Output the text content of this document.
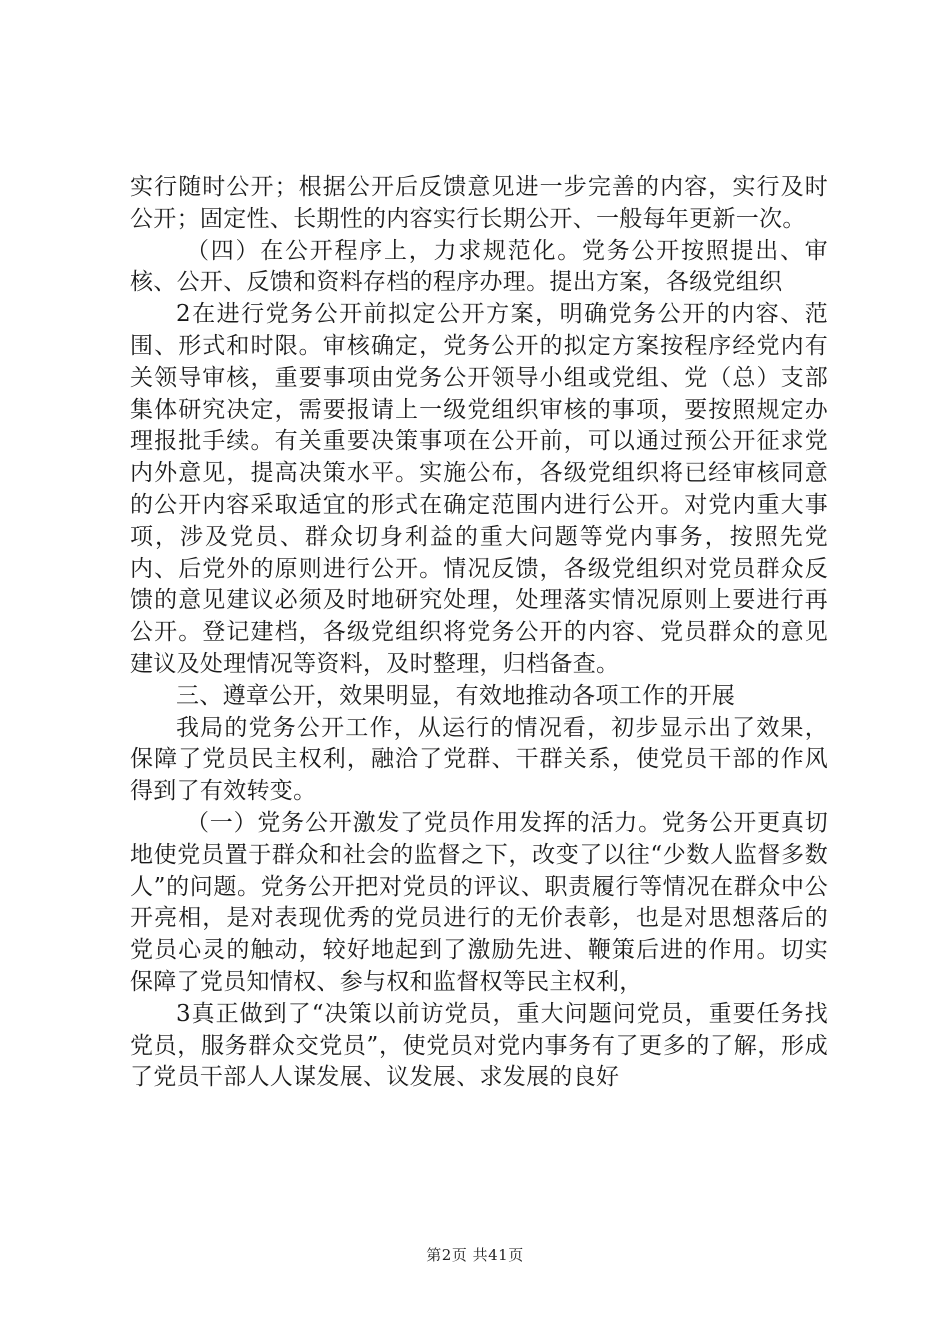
实行随时公开；根据公开后反馈意见进一步完善的内容，实行及时公开；固定性、长期性的内容实行长期公开、一般每年更新一次。

（四）在公开程序上，力求规范化。党务公开按照提出、审核、公开、反馈和资料存档的程序办理。提出方案，各级党组织

2在进行党务公开前拟定公开方案，明确党务公开的内容、范围、形式和时限。审核确定，党务公开的拟定方案按程序经党内有关领导审核，重要事项由党务公开领导小组或党组、党（总）支部集体研究决定，需要报请上一级党组织审核的事项，要按照规定办理报批手续。有关重要决策事项在公开前，可以通过预公开征求党内外意见，提高决策水平。实施公布，各级党组织将已经审核同意的公开内容采取适宜的形式在确定范围内进行公开。对党内重大事项，涉及党员、群众切身利益的重大问题等党内事务，按照先党内、后党外的原则进行公开。情况反馈，各级党组织对党员群众反馈的意见建议必须及时地研究处理，处理落实情况原则上要进行再公开。登记建档，各级党组织将党务公开的内容、党员群众的意见建议及处理情况等资料，及时整理，归档备查。

三、遵章公开，效果明显，有效地推动各项工作的开展

我局的党务公开工作，从运行的情况看，初步显示出了效果，保障了党员民主权利，融洽了党群、干群关系，使党员干部的作风得到了有效转变。

（一）党务公开激发了党员作用发挥的活力。党务公开更真切地使党员置于群众和社会的监督之下，改变了以往“少数人监督多数人”的问题。党务公开把对党员的评议、职责履行等情况在群众中公开亮相，是对表现优秀的党员进行的无价表彰，也是对思想落后的党员心灵的触动，较好地起到了激励先进、鞭策后进的作用。切实保障了党员知情权、参与权和监督权等民主权利，

3真正做到了“决策以前访党员，重大问题问党员，重要任务找党员，服务群众交党员”，使党员对党内事务有了更多的了解，形成了党员干部人人谋发展、议发展、求发展的良好

第2页 共41页
